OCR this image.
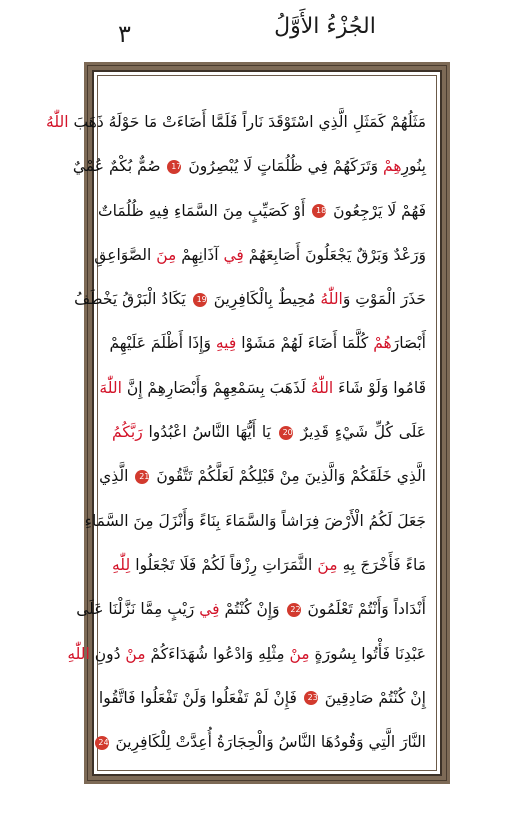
٣	الجُزْءُ الأَوَّلُ
مَثَلُهُمْ كَمَثَلِ الَّذِي اسْتَوْقَدَ نَاراً فَلَمَّا أَضَاءَتْ مَا حَوْلَهُ ذَهَبَ اللّٰهُ
بِنُورِهِمْ وَتَرَكَهُمْ فِي ظُلُمَاتٍ لَا يُبْصِرُونَ 17 صُمٌّ بُكْمٌ عُمْيٌ
فَهُمْ لَا يَرْجِعُونَ 18 أَوْ كَصَيِّبٍ مِنَ السَّمَاءِ فِيهِ ظُلُمَاتٌ
وَرَعْدٌ وَبَرْقٌ يَجْعَلُونَ أَصَابِعَهُمْ فِي آذَانِهِمْ مِنَ الصَّوَاعِقِ
حَذَرَ الْمَوْتِ وَاللّٰهُ مُحِيطٌ بِالْكَافِرِينَ 19 يَكَادُ الْبَرْقُ يَخْطَفُ
أَبْصَارَهُمْ كُلَّمَا أَضَاءَ لَهُمْ مَشَوْا فِيهِ وَإِذَا أَظْلَمَ عَلَيْهِمْ
قَامُوا وَلَوْ شَاءَ اللّٰهُ لَذَهَبَ بِسَمْعِهِمْ وَأَبْصَارِهِمْ إِنَّ اللّٰهَ
عَلَى كُلِّ شَيْءٍ قَدِيرٌ 20 يَا أَيُّهَا النَّاسُ اعْبُدُوا رَبَّكُمُ
الَّذِي خَلَقَكُمْ وَالَّذِينَ مِنْ قَبْلِكُمْ لَعَلَّكُمْ تَتَّقُونَ 21 الَّذِي
جَعَلَ لَكُمُ الْأَرْضَ فِرَاشاً وَالسَّمَاءَ بِنَاءً وَأَنْزَلَ مِنَ السَّمَاءِ
مَاءً فَأَخْرَجَ بِهِ مِنَ الثَّمَرَاتِ رِزْقاً لَكُمْ فَلَا تَجْعَلُوا لِلّٰهِ
أَنْدَاداً وَأَنْتُمْ تَعْلَمُونَ 22 وَإِنْ كُنْتُمْ فِي رَيْبٍ مِمَّا نَزَّلْنَا عَلَى
عَبْدِنَا فَأْتُوا بِسُورَةٍ مِنْ مِثْلِهِ وَادْعُوا شُهَدَاءَكُمْ مِنْ دُونِ اللّٰهِ
إِنْ كُنْتُمْ صَادِقِينَ 23 فَإِنْ لَمْ تَفْعَلُوا وَلَنْ تَفْعَلُوا فَاتَّقُوا
النَّارَ الَّتِي وَقُودُهَا النَّاسُ وَالْحِجَارَةُ أُعِدَّتْ لِلْكَافِرِينَ 24
